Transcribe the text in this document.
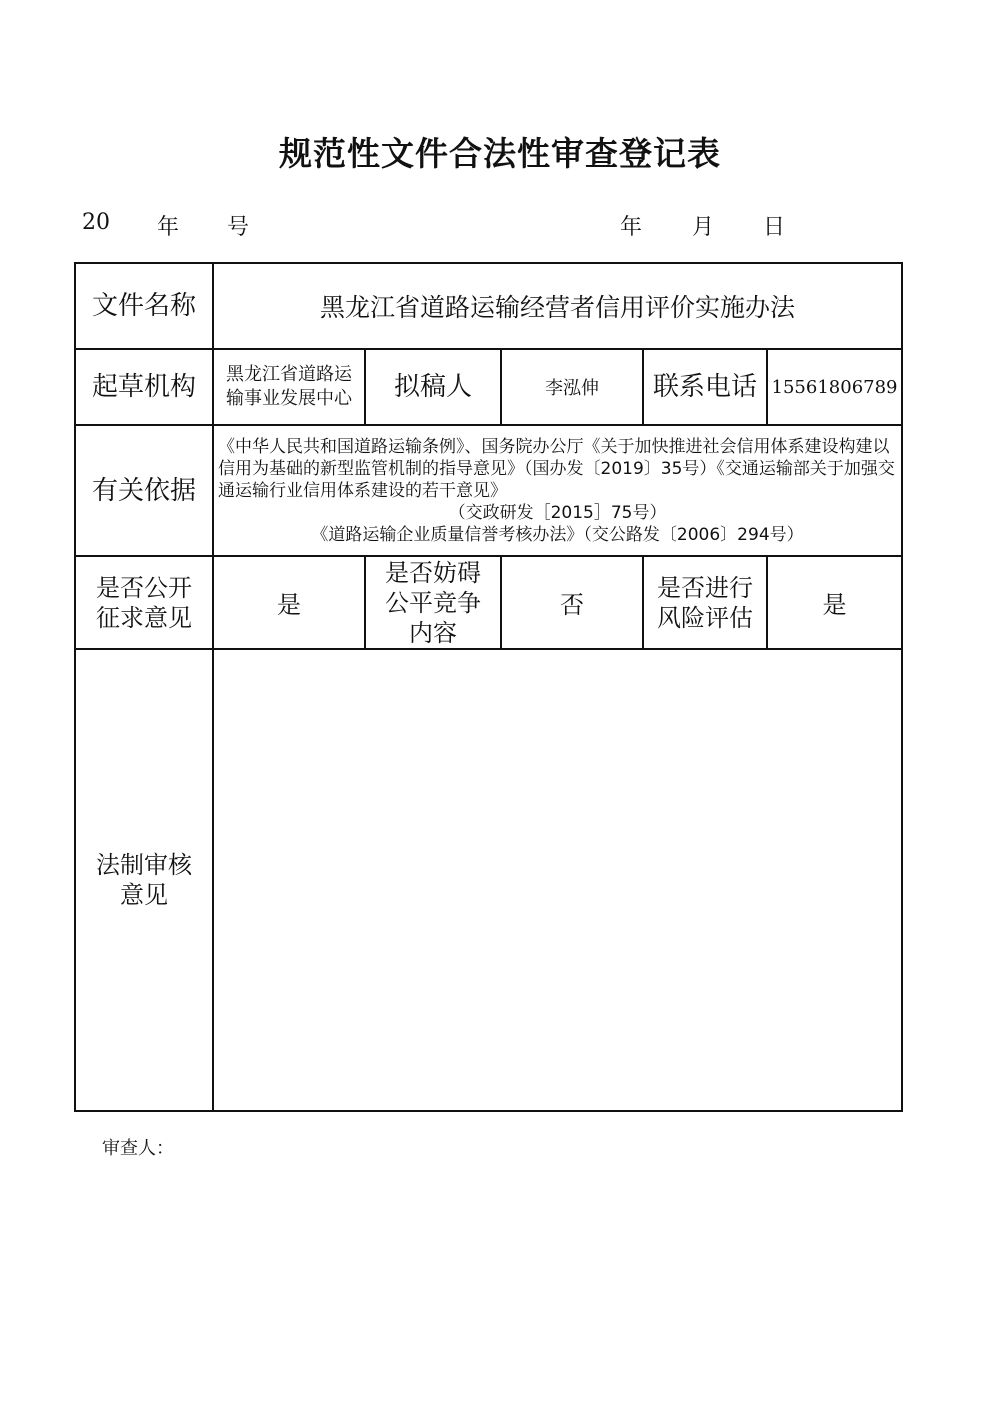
规范性文件合法性审查登记表
20 年 号	年 月 日
文件名称	黑龙江省道路运输经营者信用评价实施办法				
起草机构	黑龙江省道路运输事业发展中心	拟稿人	李泓伸	联系电话	15561806789
有关依据	《中华人民共和国道路运输条例》、国务院办公厅《关于加快推进社会信用体系建设构建以信用为基础的新型监管机制的指导意见》（国办发〔2019〕35号）《交通运输部关于加强交通运输行业信用体系建设的若干意见》

（交政研发［2015］75号）

《道路运输企业质量信誉考核办法》（交公路发〔2006〕294号）				

是否公开征求意见	是	是否妨碍公平竞争内容	否	是否进行风险评估	是
法制审核意见					
审查人：
